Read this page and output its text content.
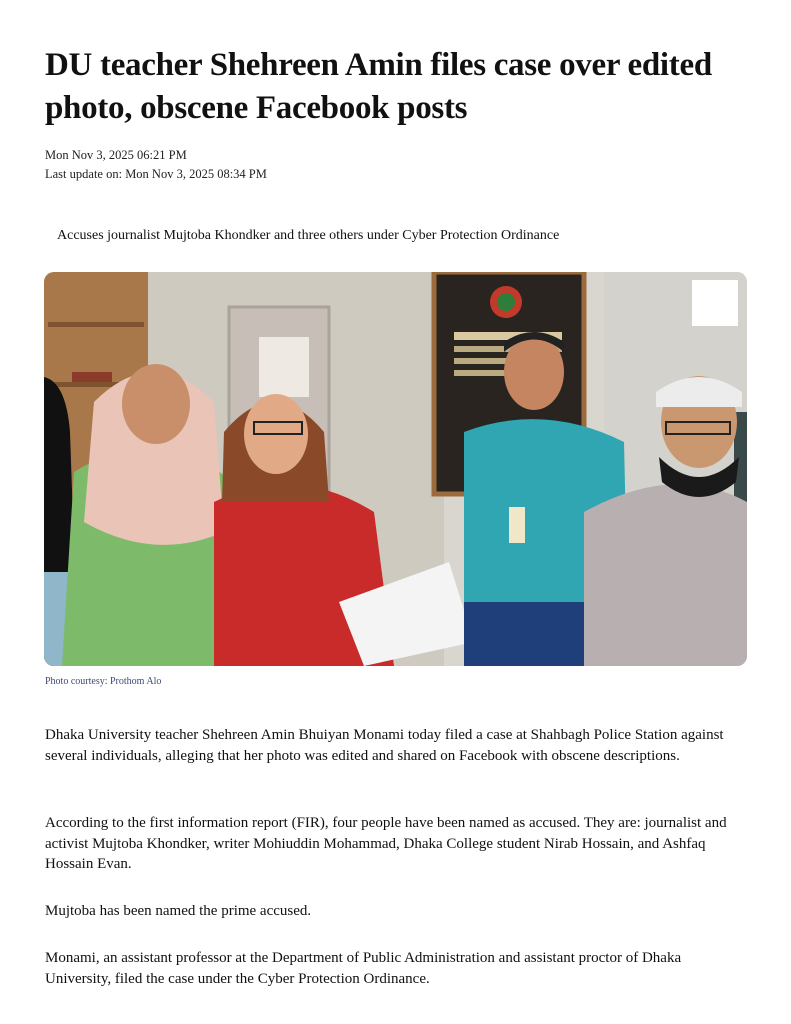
DU teacher Shehreen Amin files case over edited photo, obscene Facebook posts
Mon Nov 3, 2025 06:21 PM
Last update on: Mon Nov 3, 2025 08:34 PM
Accuses journalist Mujtoba Khondker and three others under Cyber Protection Ordinance
Photo courtesy: Prothom Alo

Dhaka University teacher Shehreen Amin Bhuiyan Monami today filed a case at Shahbagh Police Station against several individuals, alleging that her photo was edited and shared on Facebook with obscene descriptions.

According to the first information report (FIR), four people have been named as accused. They are: journalist and activist Mujtoba Khondker, writer Mohiuddin Mohammad, Dhaka College student Nirab Hossain, and Ashfaq Hossain Evan.

Mujtoba has been named the prime accused.

Monami, an assistant professor at the Department of Public Administration and assistant proctor of Dhaka University, filed the case under the Cyber Protection Ordinance.
